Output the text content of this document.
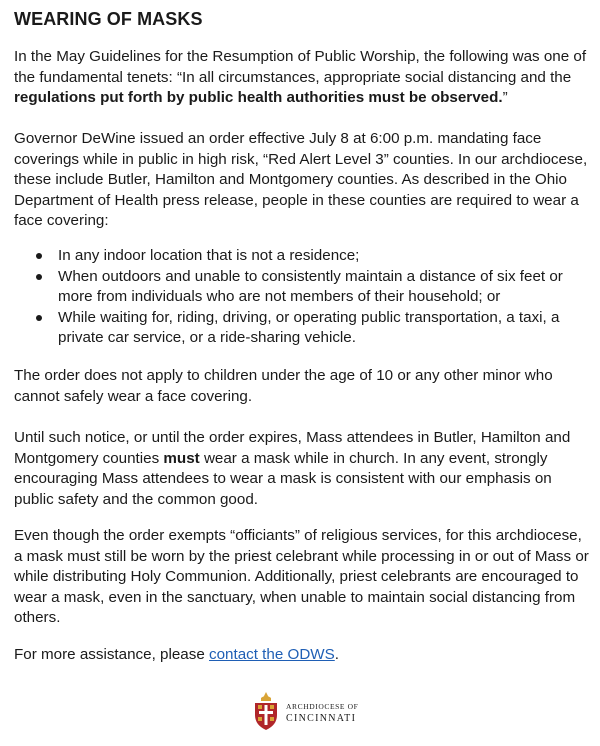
WEARING OF MASKS

In the May Guidelines for the Resumption of Public Worship, the following was one of the fundamental tenets: “In all circumstances, appropriate social distancing and the regulations put forth by public health authorities must be observed.”

Governor DeWine issued an order effective July 8 at 6:00 p.m. mandating face coverings while in public in high risk, “Red Alert Level 3” counties. In our archdiocese, these include Butler, Hamilton and Montgomery counties. As described in the Ohio Department of Health press release, people in these counties are required to wear a face covering:

In any indoor location that is not a residence;
When outdoors and unable to consistently maintain a distance of six feet or more from individuals who are not members of their household; or
While waiting for, riding, driving, or operating public transportation, a taxi, a private car service, or a ride-sharing vehicle.

The order does not apply to children under the age of 10 or any other minor who cannot safely wear a face covering.

Until such notice, or until the order expires, Mass attendees in Butler, Hamilton and Montgomery counties must wear a mask while in church. In any event, strongly encouraging Mass attendees to wear a mask is consistent with our emphasis on public safety and the common good.

Even though the order exempts “officiants” of religious services, for this archdiocese, a mask must still be worn by the priest celebrant while processing in or out of Mass or while distributing Holy Communion. Additionally, priest celebrants are encouraged to wear a mask, even in the sanctuary, when unable to maintain social distancing from others.

For more assistance, please contact the ODWS.

ARCHDIOCESE OF
CINCINNATI
